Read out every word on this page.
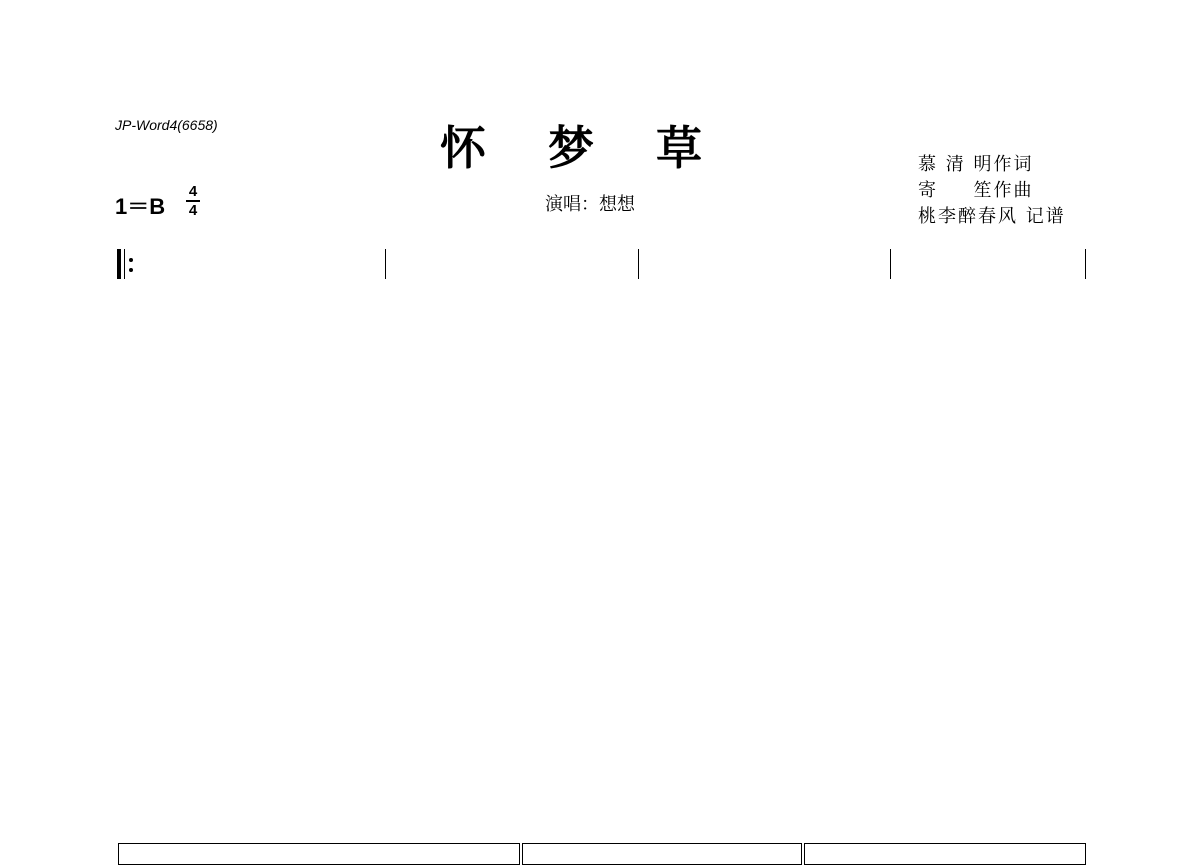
JP-Word4(6658)	怀梦草	慕 清 明作词
寄 　 笙作曲
桃李醉春风 记谱
1＝B
4
4	演唱：想想
